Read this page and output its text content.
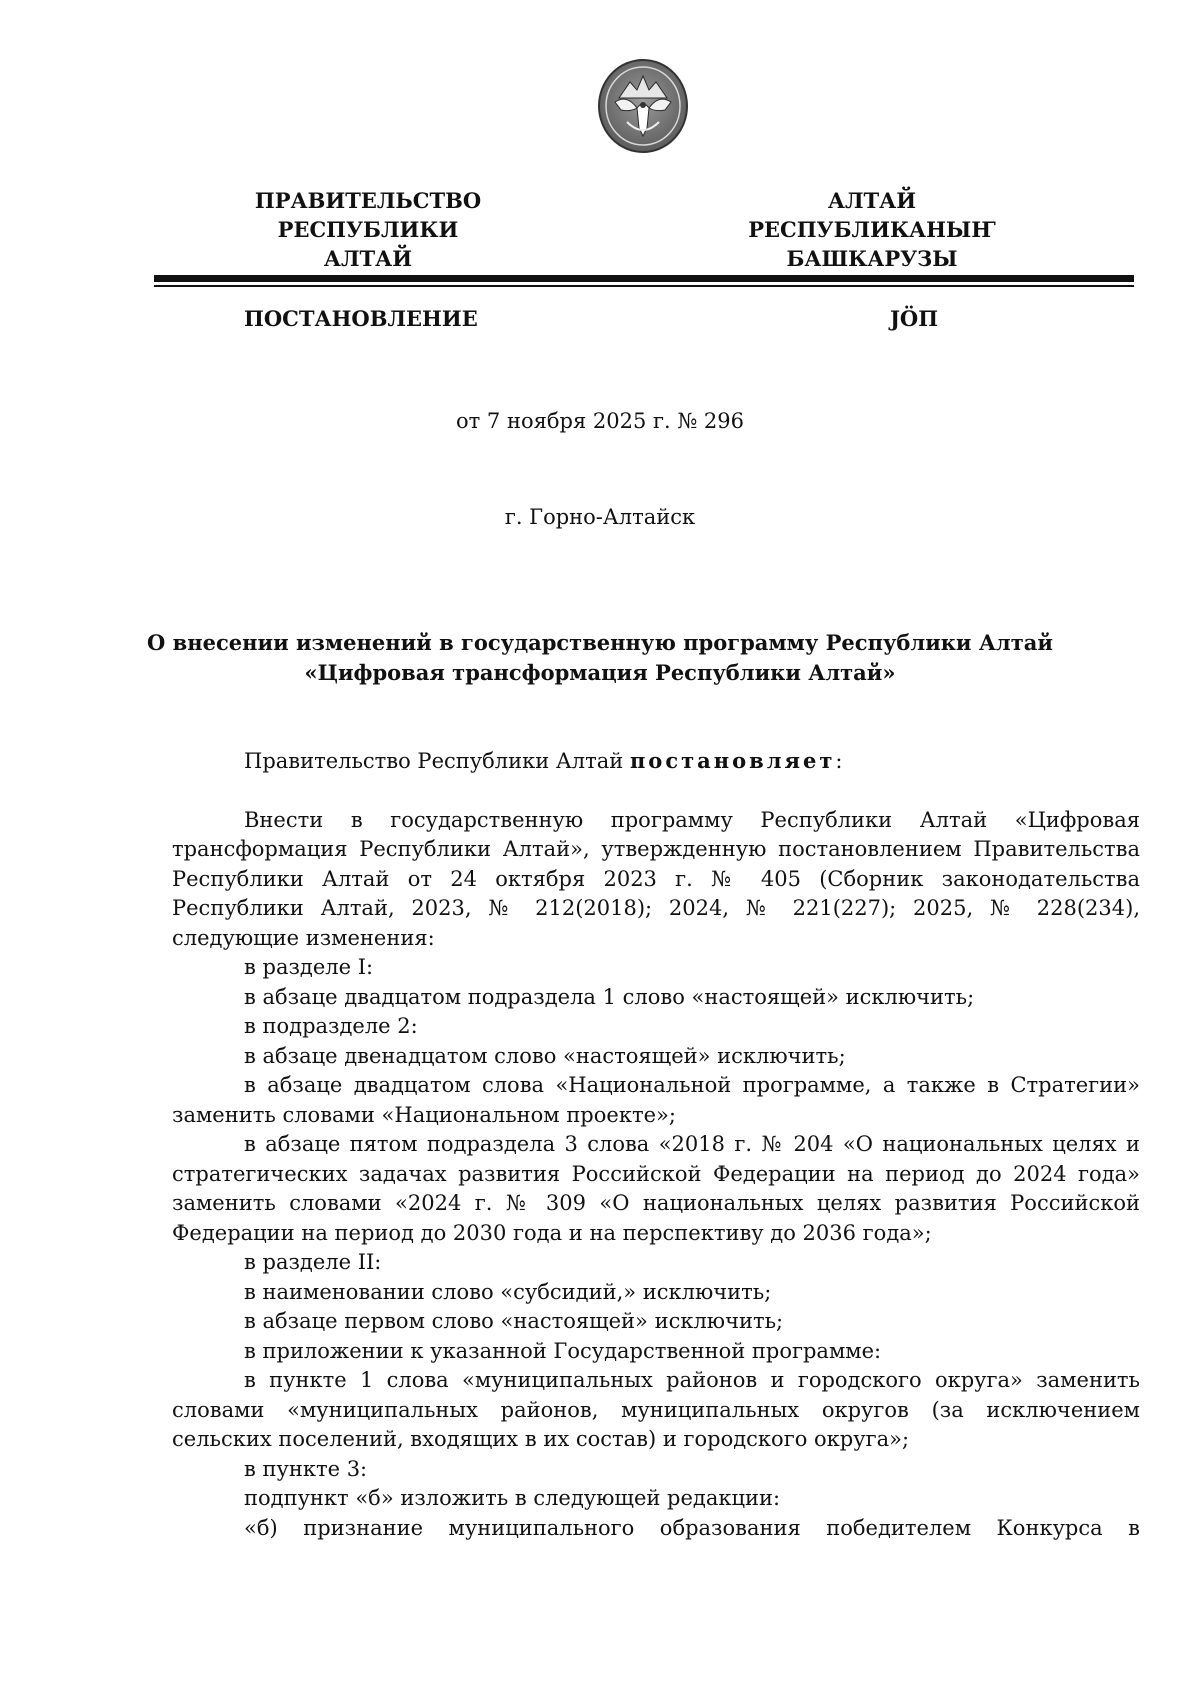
ПРАВИТЕЛЬСТВО
РЕСПУБЛИКИ АЛТАЙ
АЛТАЙ РЕСПУБЛИКАНЫҤ
БАШКАРУЗЫ
ПОСТАНОВЛЕНИЕ	ЈӦП
от 7 ноября 2025 г. № 296
г. Горно-Алтайск
О внесении изменений в государственную программу Республики Алтай
«Цифровая трансформация Республики Алтай»

Правительство Республики Алтай постановляет:

Внести в государственную программу Республики Алтай «Цифровая трансформация Республики Алтай», утвержденную постановлением Правительства Республики Алтай от 24 октября 2023 г. № 405 (Сборник законодательства Республики Алтай, 2023, № 212(2018); 2024, № 221(227); 2025, № 228(234), следующие изменения:

в разделе I:

в абзаце двадцатом подраздела 1 слово «настоящей» исключить;

в подразделе 2:

в абзаце двенадцатом слово «настоящей» исключить;

в абзаце двадцатом слова «Национальной программе, а также в Стратегии» заменить словами «Национальном проекте»;

в абзаце пятом подраздела 3 слова «2018 г. № 204 «О национальных целях и стратегических задачах развития Российской Федерации на период до 2024 года» заменить словами «2024 г. № 309 «О национальных целях развития Российской Федерации на период до 2030 года и на перспективу до 2036 года»;

в разделе II:

в наименовании слово «субсидий,» исключить;

в абзаце первом слово «настоящей» исключить;

в приложении к указанной Государственной программе:

в пункте 1 слова «муниципальных районов и городского округа» заменить словами «муниципальных районов, муниципальных округов (за исключением сельских поселений, входящих в их состав) и городского округа»;

в пункте 3:

подпункт «б» изложить в следующей редакции:

«б) признание муниципального образования победителем Конкурса в
